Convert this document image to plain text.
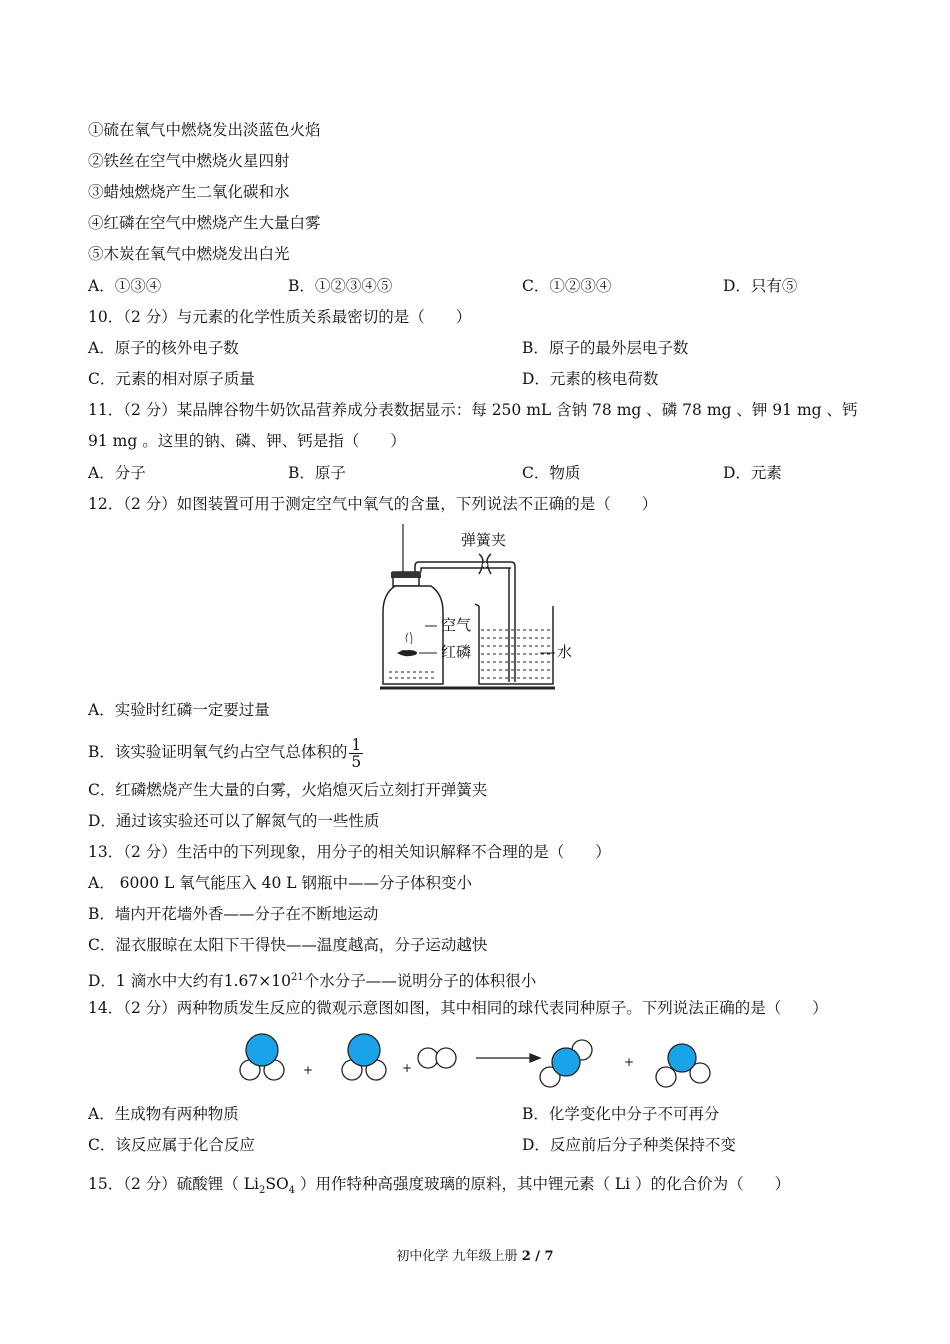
①硫在氧气中燃烧发出淡蓝色火焰
②铁丝在空气中燃烧火星四射
③蜡烛燃烧产生二氧化碳和水
④红磷在空气中燃烧产生大量白雾
⑤木炭在氧气中燃烧发出白光
A．①③④	B．①②③④⑤	C．①②③④	D．只有⑤
10．（2 分）与元素的化学性质关系最密切的是（　　）
A．原子的核外电子数	B．原子的最外层电子数
C．元素的相对原子质量	D．元素的核电荷数
11．（2 分）某品牌谷物牛奶饮品营养成分表数据显示：每 250 mL 含钠 78 mg 、磷 78 mg 、钾 91 mg 、钙
91 mg 。这里的钠、磷、钾、钙是指（　　）
A．分子	B．原子	C．物质	D．元素
12．（2 分）如图装置可用于测定空气中氧气的含量，下列说法不正确的是（　　）
弹簧夹
空气
红磷	水
A．实验时红磷一定要过量
B．该实验证明氧气约占空气总体积的 $\frac{1}{5}$
C．红磷燃烧产生大量的白雾，火焰熄灭后立刻打开弹簧夹
D．通过该实验还可以了解氮气的一些性质
13．（2 分）生活中的下列现象，用分子的相关知识解释不合理的是（　　）
A． 6000 L 氧气能压入 40 L 钢瓶中——分子体积变小
B．墙内开花墙外香——分子在不断地运动
C．湿衣服晾在太阳下干得快——温度越高，分子运动越快
D．1 滴水中大约有$1.67\times 10^{21}$个水分子——说明分子的体积很小
14．（2 分）两种物质发生反应的微观示意图如图，其中相同的球代表同种原子。下列说法正确的是（　　）
+	+	+
A．生成物有两种物质	B．化学变化中分子不可再分
C．该反应属于化合反应	D．反应前后分子种类保持不变
15．（2 分）硫酸锂（ $Li_2SO_4$ ）用作特种高强度玻璃的原料，其中锂元素（ Li ）的化合价为（　　）
初中化学 九年级上册 2 / 7
